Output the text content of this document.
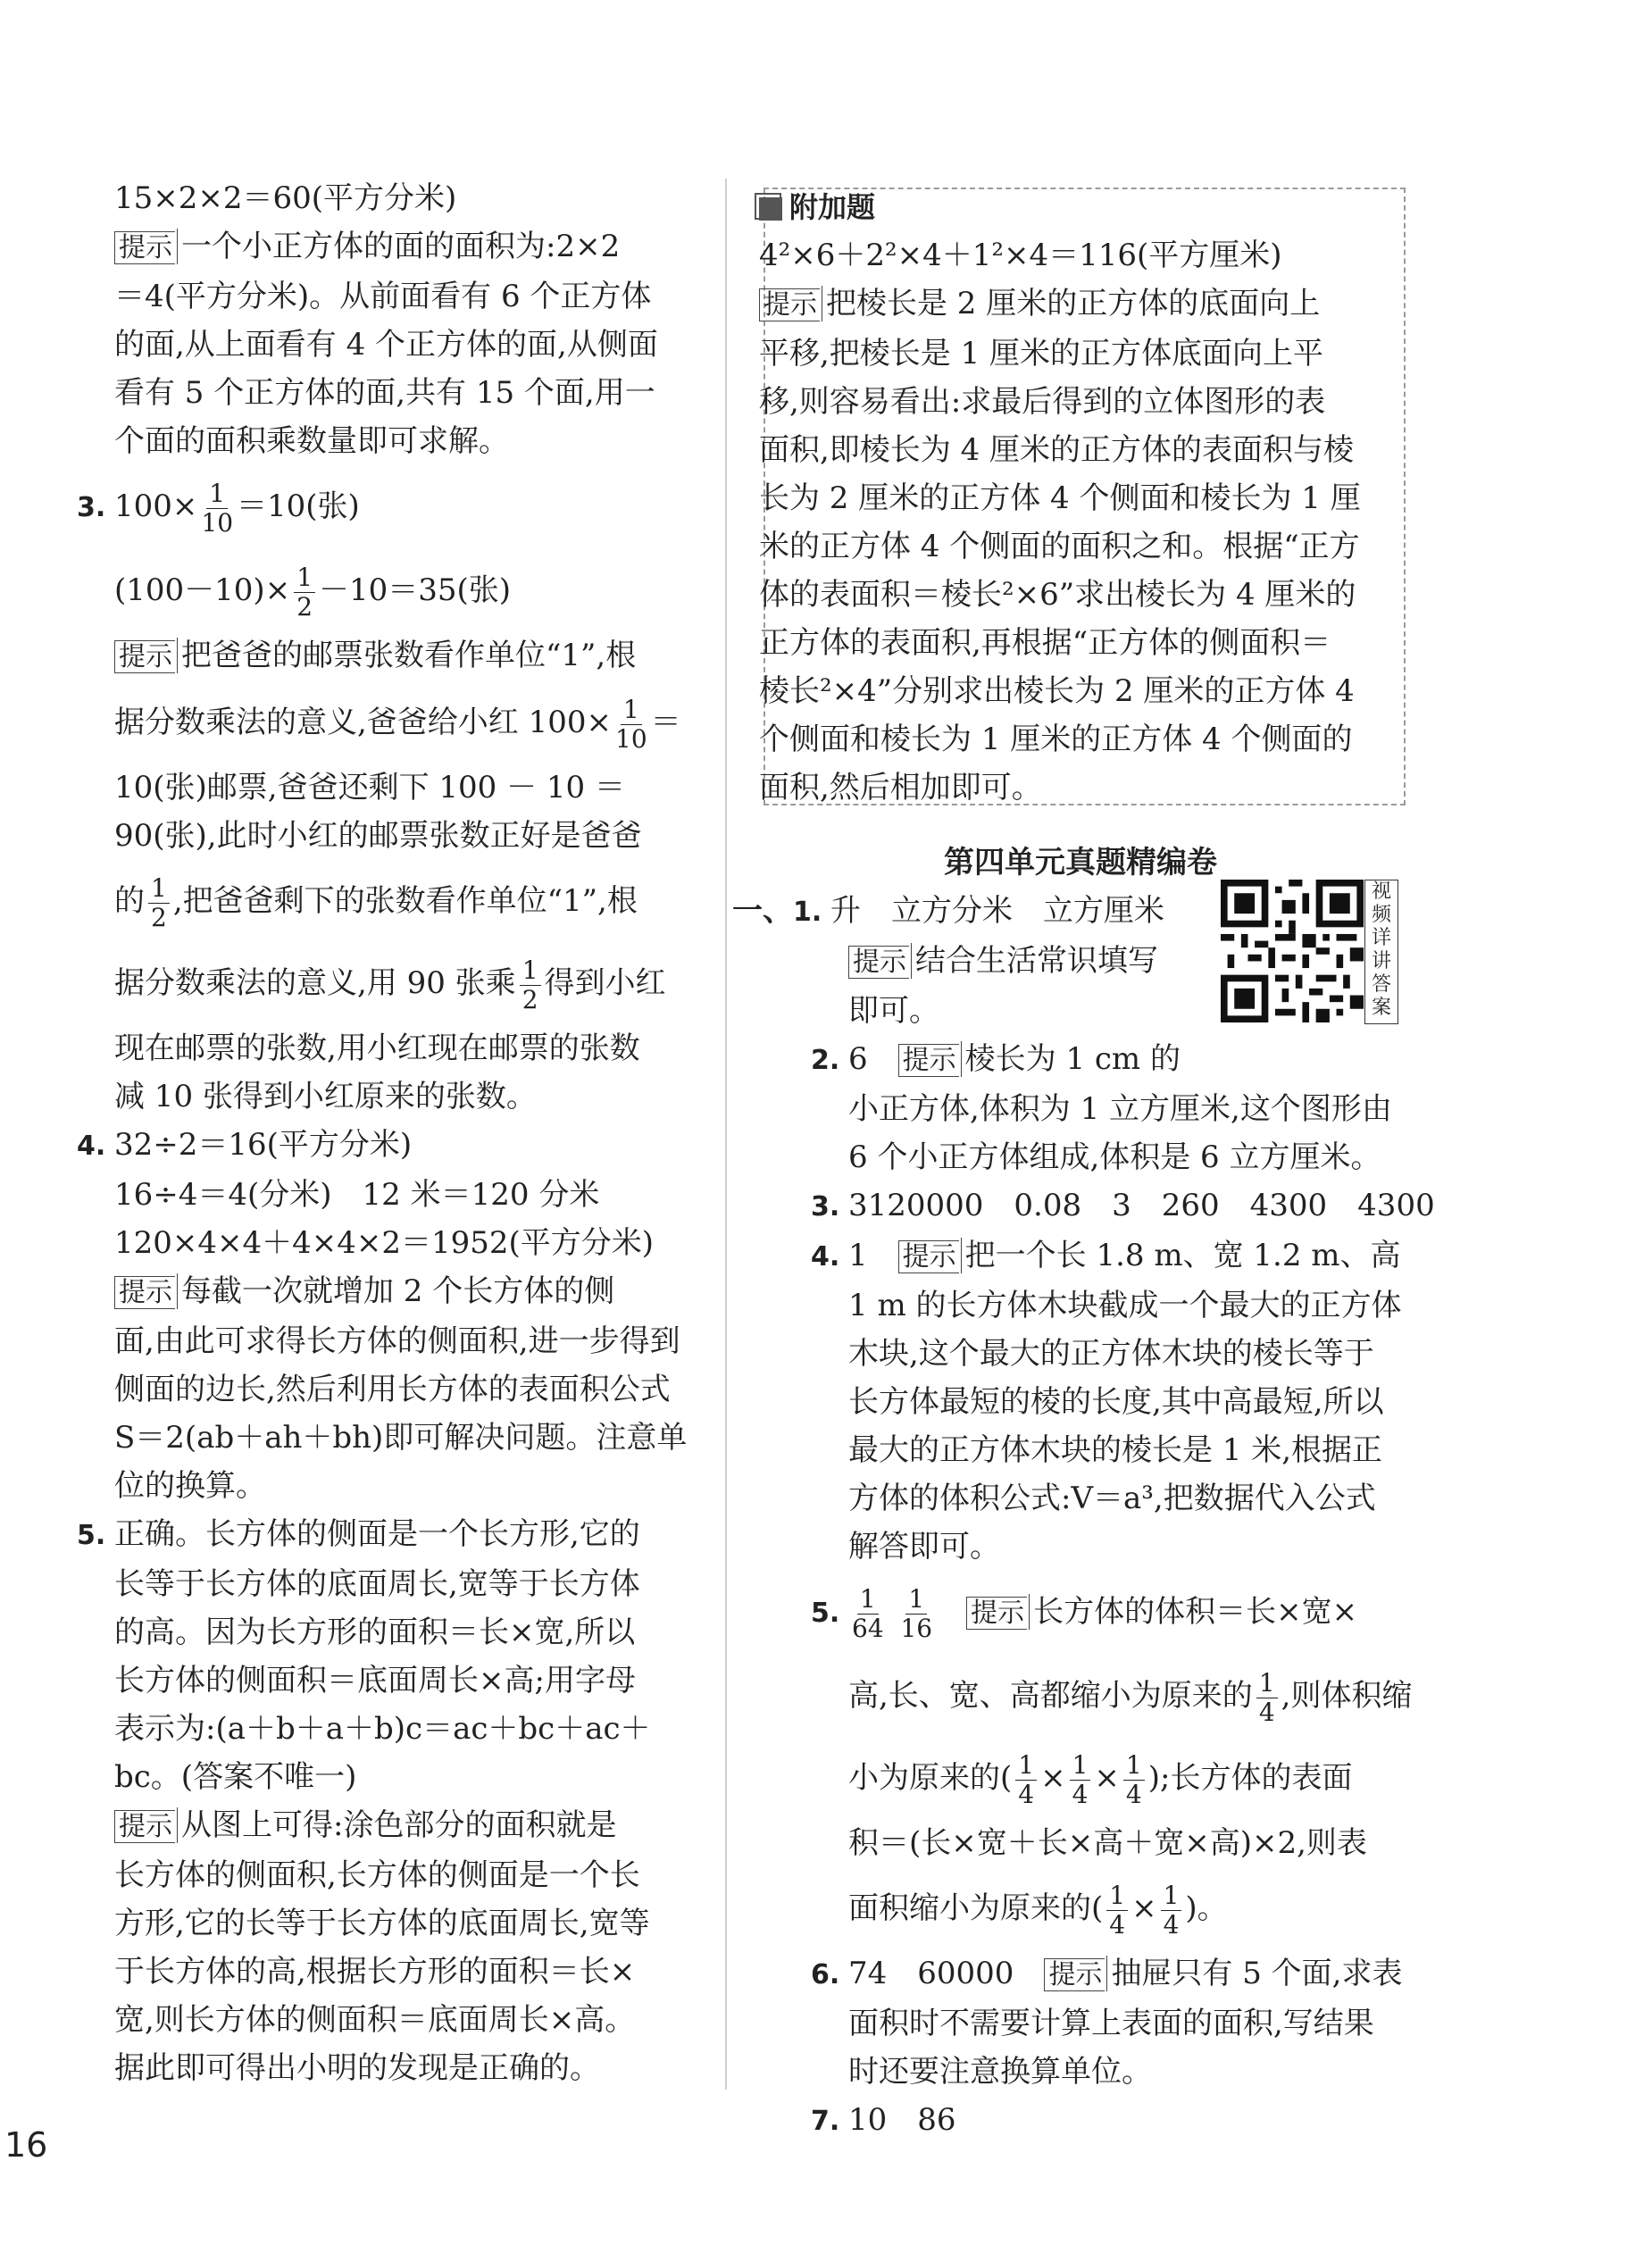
15×2×2＝60(平方分米)
提示 一个小正方体的面的面积为:2×2
＝4(平方分米)。从前面看有 6 个正方体
的面,从上面看有 4 个正方体的面,从侧面
看有 5 个正方体的面,共有 15 个面,用一
个面的面积乘数量即可求解。
3. $100\times \frac{1}{10} =10$(张)
$(100-10)\times \frac{1}{2} -10=35$(张)
提示 把爸爸的邮票张数看作单位“1”,根
据分数乘法的意义,爸爸给小红 $100\times \frac{1}{10}$ ＝
10(张)邮票,爸爸还剩下 100 － 10 ＝
90(张),此时小红的邮票张数正好是爸爸
的 $\frac{1}{2}$ ,把爸爸剩下的张数看作单位“1”,根
据分数乘法的意义,用 90 张乘 $\frac{1}{2}$ 得到小红
现在邮票的张数,用小红现在邮票的张数
减 10 张得到小红原来的张数。
4. 32÷2＝16(平方分米)
16÷4＝4(分米)　12 米＝120 分米
120×4×4＋4×4×2＝1952(平方分米)
提示 每截一次就增加 2 个长方体的侧
面,由此可求得长方体的侧面积,进一步得到
侧面的边长,然后利用长方体的表面积公式
S＝2(ab＋ah＋bh)即可解决问题。注意单
位的换算。
5. 正确。长方体的侧面是一个长方形,它的
长等于长方体的底面周长,宽等于长方体
的高。因为长方形的面积＝长×宽,所以
长方体的侧面积＝底面周长×高;用字母
表示为:(a＋b＋a＋b)c＝ac＋bc＋ac＋
bc。(答案不唯一)
提示 从图上可得:涂色部分的面积就是
长方体的侧面积,长方体的侧面是一个长
方形,它的长等于长方体的底面周长,宽等
于长方体的高,根据长方形的面积＝长×
宽,则长方体的侧面积＝底面周长×高。
据此即可得出小明的发现是正确的。
附加题
4²×6＋2²×4＋1²×4＝116(平方厘米)
提示 把棱长是 2 厘米的正方体的底面向上
平移,把棱长是 1 厘米的正方体底面向上平
移,则容易看出:求最后得到的立体图形的表
面积,即棱长为 4 厘米的正方体的表面积与棱
长为 2 厘米的正方体 4 个侧面和棱长为 1 厘
米的正方体 4 个侧面的面积之和。根据“正方
体的表面积＝棱长²×6”求出棱长为 4 厘米的
正方体的表面积,再根据“正方体的侧面积＝
棱长²×4”分别求出棱长为 2 厘米的正方体 4
个侧面和棱长为 1 厘米的正方体 4 个侧面的
面积,然后相加即可。
第四单元真题精编卷
一、1. 升　立方分米　立方厘米
提示 结合生活常识填写
即可。
2. 6　 提示 棱长为 1 cm 的
小正方体,体积为 1 立方厘米,这个图形由
6 个小正方体组成,体积是 6 立方厘米。
3. 3120000　0.08　3　260　4300　4300
4. 1　 提示 把一个长 1.8 m、宽 1.2 m、高
1 m 的长方体木块截成一个最大的正方体
木块,这个最大的正方体木块的棱长等于
长方体最短的棱的长度,其中高最短,所以
最大的正方体木块的棱长是 1 米,根据正
方体的体积公式:V＝a³,把数据代入公式
解答即可。
5. $\frac{1}{64}$
$\frac{1}{16}$
　 提示 长方体的体积＝长×宽×
高,长、宽、高都缩小为原来的 $\frac{1}{4}$ ,则体积缩
小为原来的( $\frac{1}{4} \times \frac{1}{4} \times \frac{1}{4}$ );长方体的表面
积＝(长×宽＋长×高＋宽×高)×2,则表
面积缩小为原来的( $\frac{1}{4} \times \frac{1}{4}$ )。
6. 74　60000　 提示 抽屉只有 5 个面,求表
面积时不需要计算上表面的面积,写结果
时还要注意换算单位。
7. 10　86
视频详讲答案
16
